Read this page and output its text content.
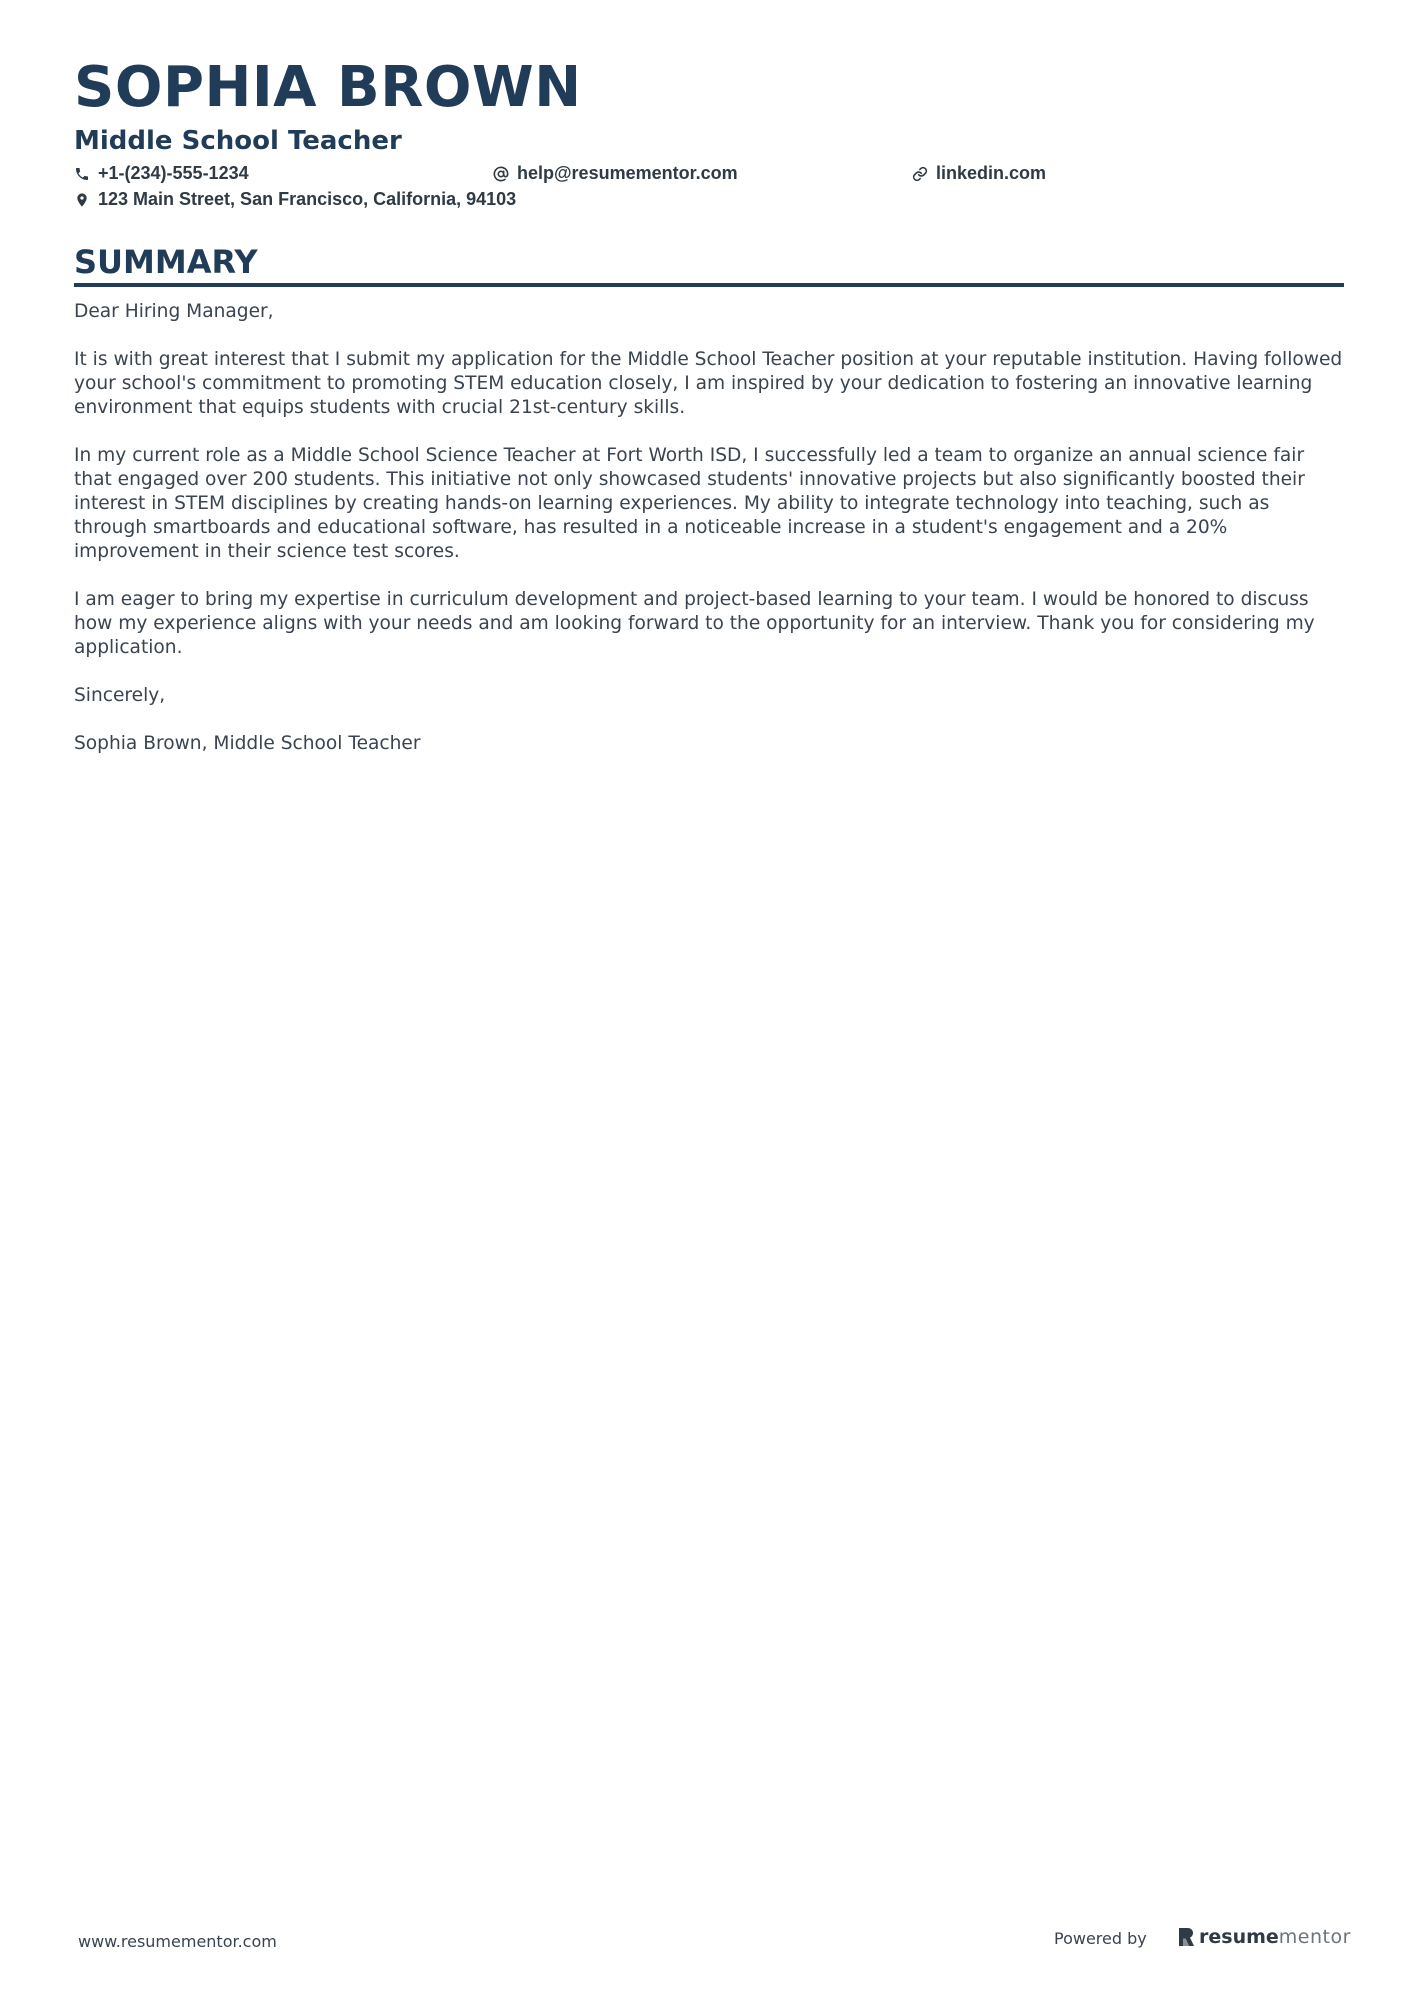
SOPHIA BROWN
Middle School Teacher
+1-(234)-555-1234	help@resumementor.com	linkedin.com
123 Main Street, San Francisco, California, 94103
SUMMARY

Dear Hiring Manager,

It is with great interest that I submit my application for the Middle School Teacher position at your reputable institution. Having followed your school's commitment to promoting STEM education closely, I am inspired by your dedication to fostering an innovative learning environment that equips students with crucial 21st-century skills.

In my current role as a Middle School Science Teacher at Fort Worth ISD, I successfully led a team to organize an annual science fair that engaged over 200 students. This initiative not only showcased students' innovative projects but also significantly boosted their interest in STEM disciplines by creating hands-on learning experiences. My ability to integrate technology into teaching, such as through smartboards and educational software, has resulted in a noticeable increase in a student's engagement and a 20% improvement in their science test scores.

I am eager to bring my expertise in curriculum development and project-based learning to your team. I would be honored to discuss how my experience aligns with your needs and am looking forward to the opportunity for an interview. Thank you for considering my application.

Sincerely,

Sophia Brown, Middle School Teacher

www.resumementor.com	Powered by	resume mentor
